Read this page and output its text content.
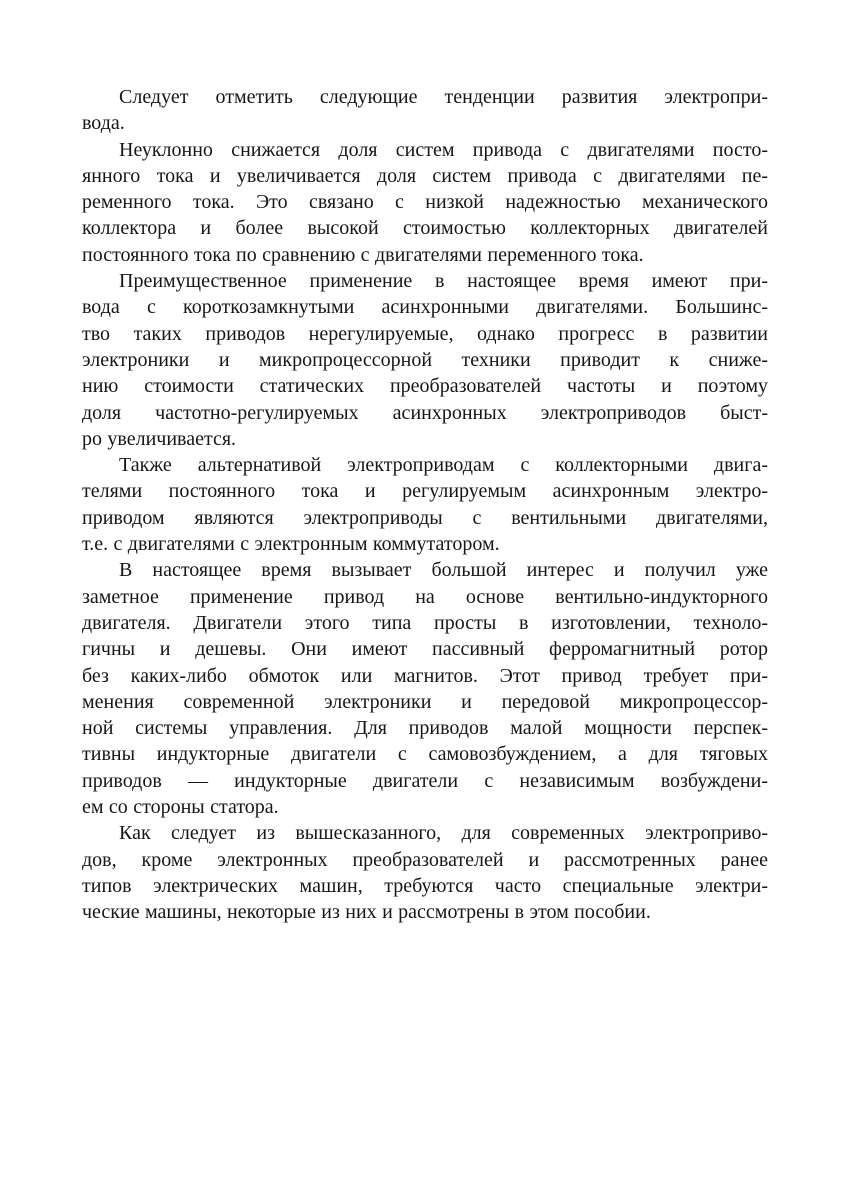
Следует отметить следующие тенденции развития электропри-
вода.
Неуклонно снижается доля систем привода с двигателями посто-
янного тока и увеличивается доля систем привода с двигателями пе-
ременного тока. Это связано с низкой надежностью механического
коллектора и более высокой стоимостью коллекторных двигателей
постоянного тока по сравнению с двигателями переменного тока.
Преимущественное применение в настоящее время имеют при-
вода с короткозамкнутыми асинхронными двигателями. Большинс-
тво таких приводов нерегулируемые, однако прогресс в развитии
электроники и микропроцессорной техники приводит к сниже-
нию стоимости статических преобразователей частоты и поэтому
доля частотно-регулируемых асинхронных электроприводов быст-
ро увеличивается.
Также альтернативой электроприводам с коллекторными двига-
телями постоянного тока и регулируемым асинхронным электро-
приводом являются электроприводы с вентильными двигателями,
т.е. с двигателями с электронным коммутатором.
В настоящее время вызывает большой интерес и получил уже
заметное применение привод на основе вентильно-индукторного
двигателя. Двигатели этого типа просты в изготовлении, техноло-
гичны и дешевы. Они имеют пассивный ферромагнитный ротор
без каких-либо обмоток или магнитов. Этот привод требует при-
менения современной электроники и передовой микропроцессор-
ной системы управления. Для приводов малой мощности перспек-
тивны индукторные двигатели с самовозбуждением, а для тяговых
приводов — индукторные двигатели с независимым возбуждени-
ем со стороны статора.
Как следует из вышесказанного, для современных электроприво-
дов, кроме электронных преобразователей и рассмотренных ранее
типов электрических машин, требуются часто специальные электри-
ческие машины, некоторые из них и рассмотрены в этом пособии.
